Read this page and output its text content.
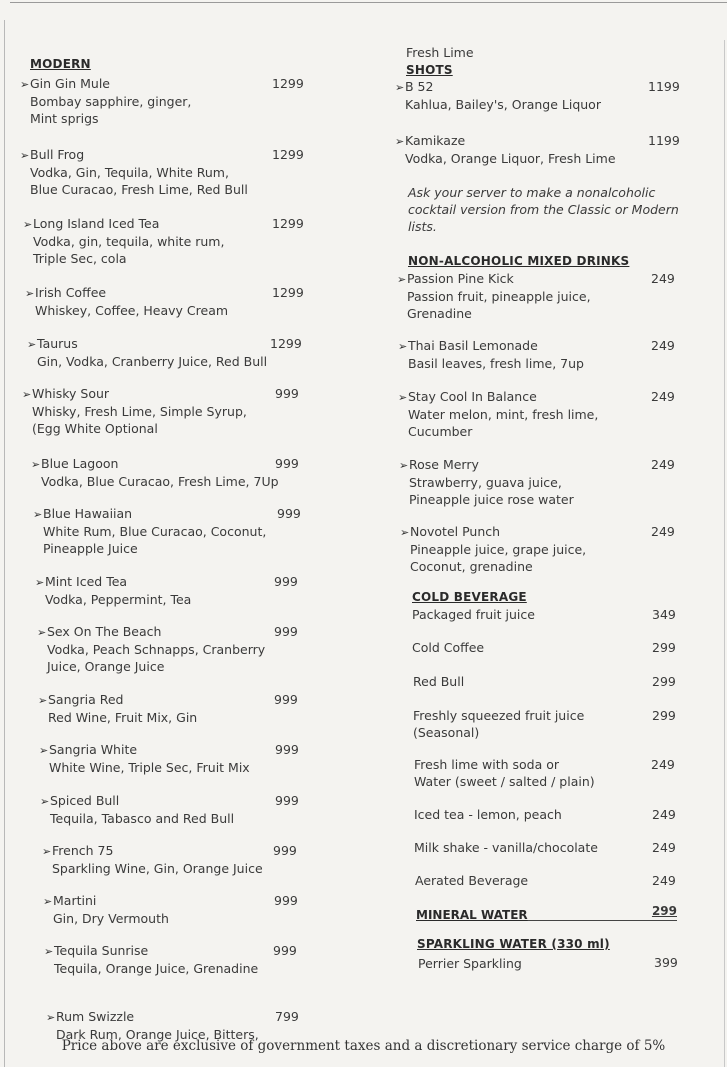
MODERN
➢Gin Gin Mule
Bombay sapphire, ginger,
Mint sprigs
1299
➢Bull Frog
Vodka, Gin, Tequila, White Rum,
Blue Curacao, Fresh Lime, Red Bull
1299
➢Long Island Iced Tea
Vodka, gin, tequila, white rum,
Triple Sec, cola
1299
➢Irish Coffee
Whiskey, Coffee, Heavy Cream
1299
➢Taurus
Gin, Vodka, Cranberry Juice, Red Bull
1299
➢Whisky Sour
Whisky, Fresh Lime, Simple Syrup,
(Egg White Optional
999
➢Blue Lagoon
Vodka, Blue Curacao, Fresh Lime, 7Up
999
➢Blue Hawaiian
White Rum, Blue Curacao, Coconut,
Pineapple Juice
999
➢Mint Iced Tea
Vodka, Peppermint, Tea
999
➢Sex On The Beach
Vodka, Peach Schnapps, Cranberry
Juice, Orange Juice
999
➢Sangria Red
Red Wine, Fruit Mix, Gin
999
➢Sangria White
White Wine, Triple Sec, Fruit Mix
999
➢Spiced Bull
Tequila, Tabasco and Red Bull
999
➢French 75
Sparkling Wine, Gin, Orange Juice
999
➢Martini
Gin, Dry Vermouth
999
➢Tequila Sunrise
Tequila, Orange Juice, Grenadine
999
➢Rum Swizzle
Dark Rum, Orange Juice, Bitters,
799
Fresh Lime
SHOTS
➢B 52
Kahlua, Bailey's, Orange Liquor
1199
➢Kamikaze
Vodka, Orange Liquor, Fresh Lime
1199
Ask your server to make a nonalcoholic cocktail version from the Classic or Modern lists.
NON-ALCOHOLIC MIXED DRINKS
➢Passion Pine Kick
Passion fruit, pineapple juice,
Grenadine
249
➢Thai Basil Lemonade
Basil leaves, fresh lime, 7up
249
➢Stay Cool In Balance
Water melon, mint, fresh lime,
Cucumber
249
➢Rose Merry
Strawberry, guava juice,
Pineapple juice rose water
249
➢Novotel Punch
Pineapple juice, grape juice,
Coconut, grenadine
249
COLD BEVERAGE
Packaged fruit juice	349
Cold Coffee	299
Red Bull	299
Freshly squeezed fruit juice
(Seasonal)
299
Fresh lime with soda or
Water (sweet / salted / plain)
249
Iced tea - lemon, peach	249
Milk shake - vanilla/chocolate	249
Aerated Beverage	249
MINERAL WATER	299
SPARKLING WATER (330 ml)
Perrier Sparkling	399
Price above are exclusive of government taxes and a discretionary service charge of 5%
